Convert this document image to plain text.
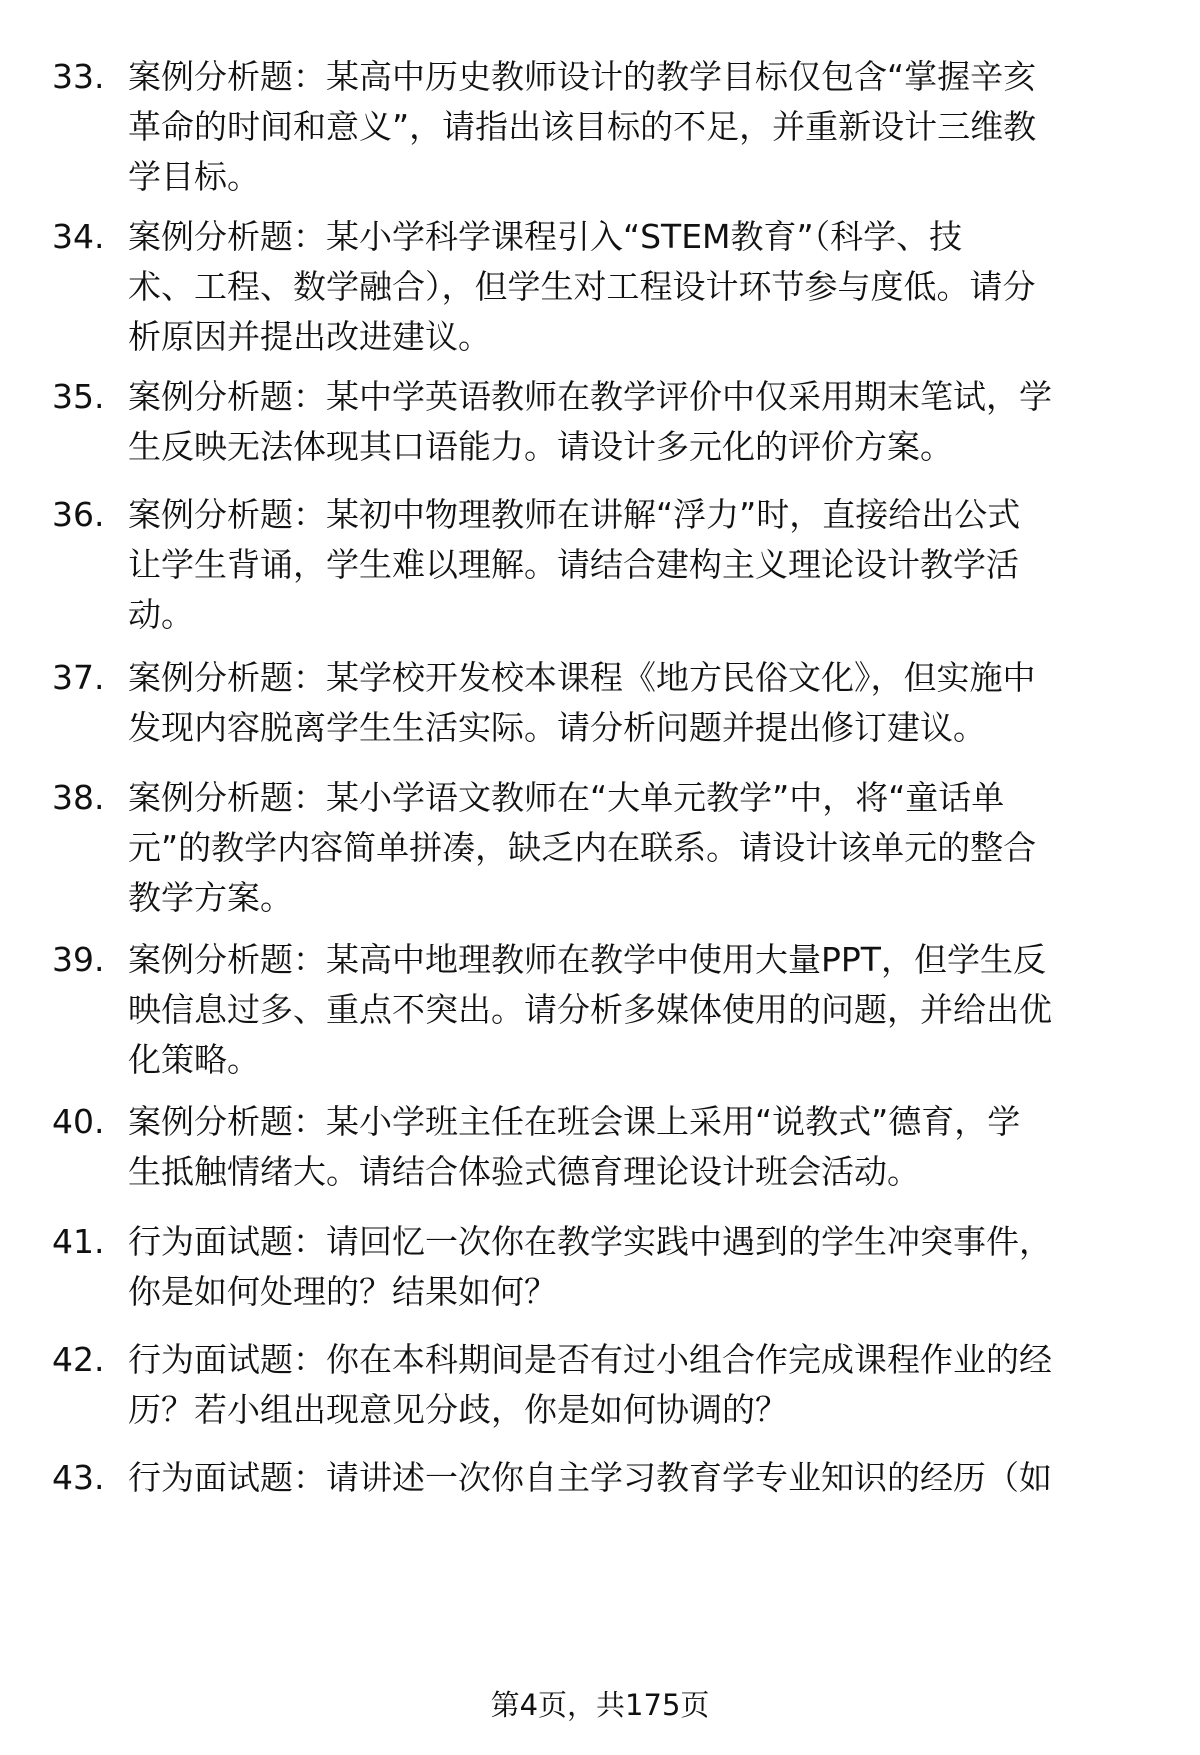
33. 案例分析题：某高中历史教师设计的教学目标仅包含“掌握辛亥
革命的时间和意义”，请指出该目标的不足，并重新设计三维教
学目标。
34. 案例分析题：某小学科学课程引入“STEM教育”（科学、技
术、工程、数学融合），但学生对工程设计环节参与度低。请分
析原因并提出改进建议。
35. 案例分析题：某中学英语教师在教学评价中仅采用期末笔试，学
生反映无法体现其口语能力。请设计多元化的评价方案。
36. 案例分析题：某初中物理教师在讲解“浮力”时，直接给出公式
让学生背诵，学生难以理解。请结合建构主义理论设计教学活
动。
37. 案例分析题：某学校开发校本课程《地方民俗文化》，但实施中
发现内容脱离学生生活实际。请分析问题并提出修订建议。
38. 案例分析题：某小学语文教师在“大单元教学”中，将“童话单
元”的教学内容简单拼凑，缺乏内在联系。请设计该单元的整合
教学方案。
39. 案例分析题：某高中地理教师在教学中使用大量PPT，但学生反
映信息过多、重点不突出。请分析多媒体使用的问题，并给出优
化策略。
40. 案例分析题：某小学班主任在班会课上采用“说教式”德育，学
生抵触情绪大。请结合体验式德育理论设计班会活动。
41. 行为面试题：请回忆一次你在教学实践中遇到的学生冲突事件，
你是如何处理的？结果如何？
42. 行为面试题：你在本科期间是否有过小组合作完成课程作业的经
历？若小组出现意见分歧，你是如何协调的？
43. 行为面试题：请讲述一次你自主学习教育学专业知识的经历（如
第4页，共175页
